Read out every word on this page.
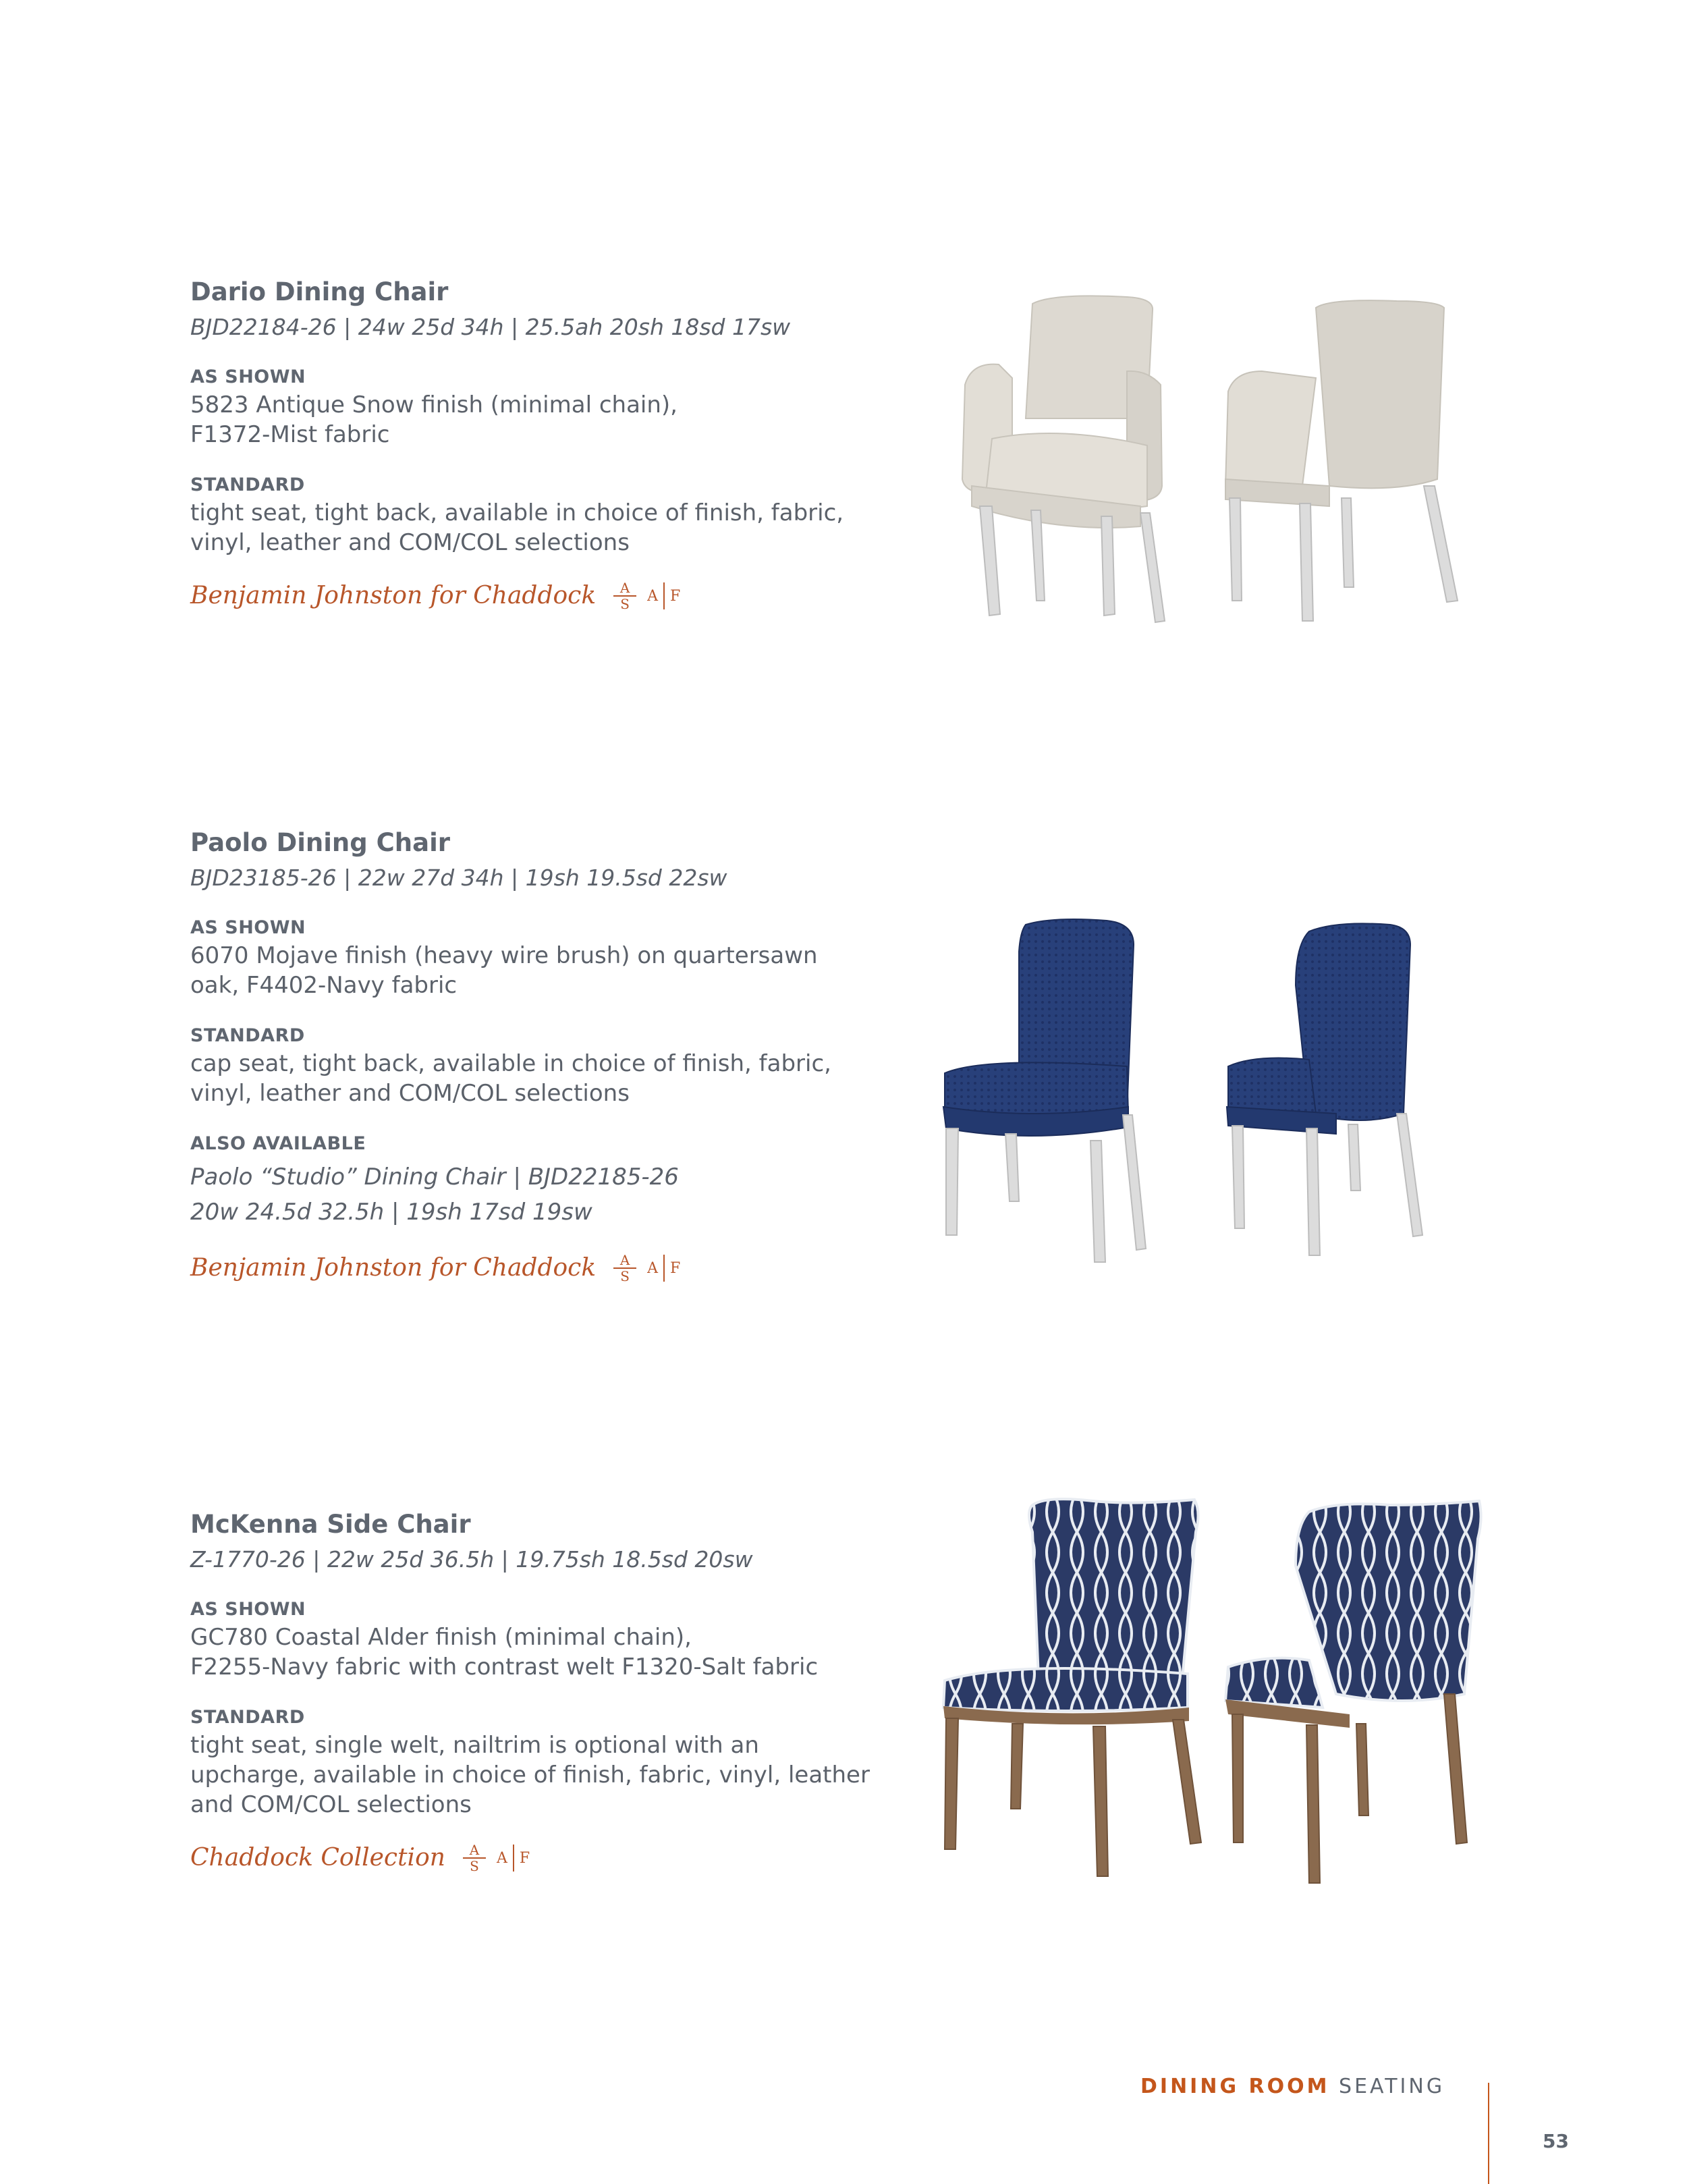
Dario Dining Chair
BJD22184-26 | 24w 25d 34h | 25.5ah 20sh 18sd 17sw
AS SHOWN
5823 Antique Snow finish (minimal chain),
F1372-Mist fabric
STANDARD
tight seat, tight back, available in choice of finish, fabric,
vinyl, leather and COM/COL selections
Benjamin Johnston for Chaddock $\frac{A}{S}$ A F
Paolo Dining Chair
BJD23185-26 | 22w 27d 34h | 19sh 19.5sd 22sw
AS SHOWN
6070 Mojave finish (heavy wire brush) on quartersawn
oak, F4402-Navy fabric
STANDARD
cap seat, tight back, available in choice of finish, fabric,
vinyl, leather and COM/COL selections
ALSO AVAILABLE
Paolo “Studio” Dining Chair | BJD22185-26
20w 24.5d 32.5h | 19sh 17sd 19sw
Benjamin Johnston for Chaddock $\frac{A}{S}$ A F
McKenna Side Chair
Z-1770-26 | 22w 25d 36.5h | 19.75sh 18.5sd 20sw
AS SHOWN
GC780 Coastal Alder finish (minimal chain),
F2255-Navy fabric with contrast welt F1320-Salt fabric
STANDARD
tight seat, single welt, nailtrim is optional with an
upcharge, available in choice of finish, fabric, vinyl, leather
and COM/COL selections
Chaddock Collection $\frac{A}{S}$ A F
DINING ROOM SEATING
53
